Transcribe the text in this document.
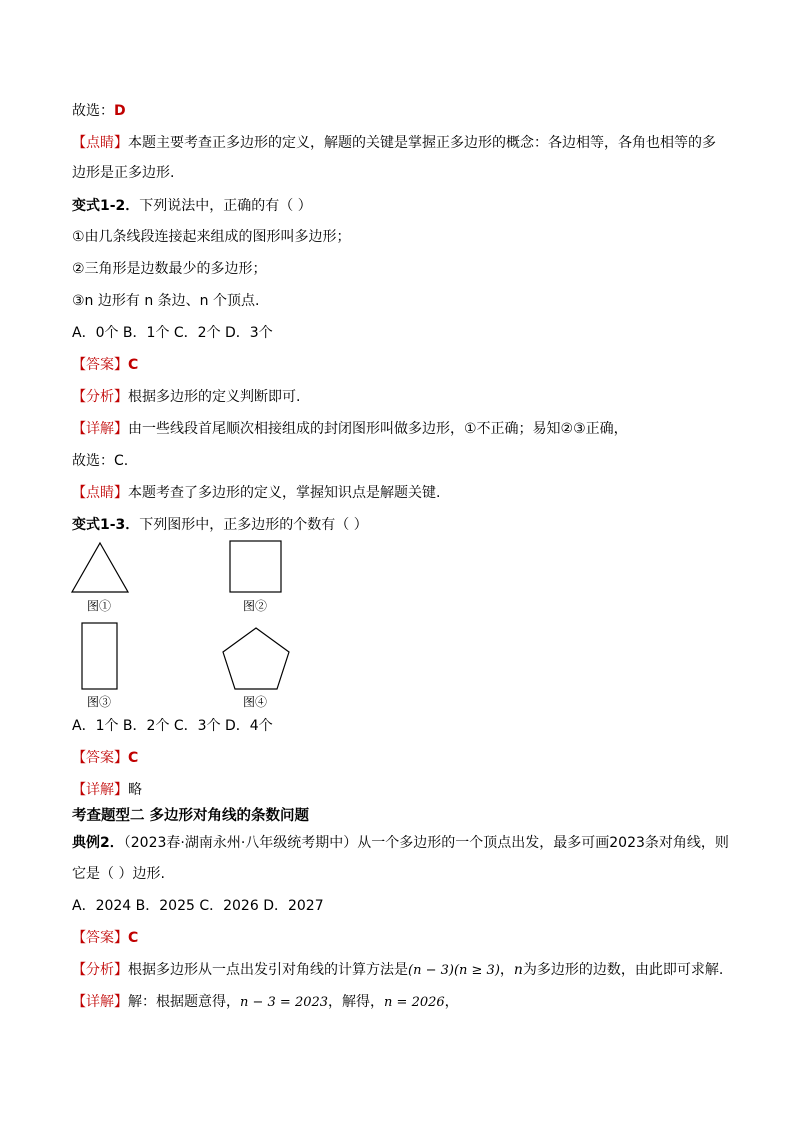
故选：D
【点睛】本题主要考查正多边形的定义，解题的关键是掌握正多边形的概念：各边相等，各角也相等的多
边形是正多边形.
变式1-2．下列说法中，正确的有（ ）
①由几条线段连接起来组成的图形叫多边形；
②三角形是边数最少的多边形；
③n 边形有 n 条边、n 个顶点.
A．0个 B．1个 C．2个 D．3个
【答案】C
【分析】根据多边形的定义判断即可.
【详解】由一些线段首尾顺次相接组成的封闭图形叫做多边形，①不正确；易知②③正确，
故选：C.
【点睛】本题考查了多边形的定义，掌握知识点是解题关键.
变式1-3．下列图形中，正多边形的个数有（ ）
图①	图②
图③	图④
A．1个 B．2个 C．3个 D．4个
【答案】C
【详解】略
考查题型二 多边形对角线的条数问题
典例2．（2023春·湖南永州·八年级统考期中）从一个多边形的一个顶点出发，最多可画2023条对角线，则
它是（ ）边形.
A．2024 B．2025 C．2026 D．2027
【答案】C
【分析】根据多边形从一点出发引对角线的计算方法是(n − 3)(n ≥ 3)，n为多边形的边数，由此即可求解.
【详解】解：根据题意得，n − 3 = 2023，解得，n = 2026，
